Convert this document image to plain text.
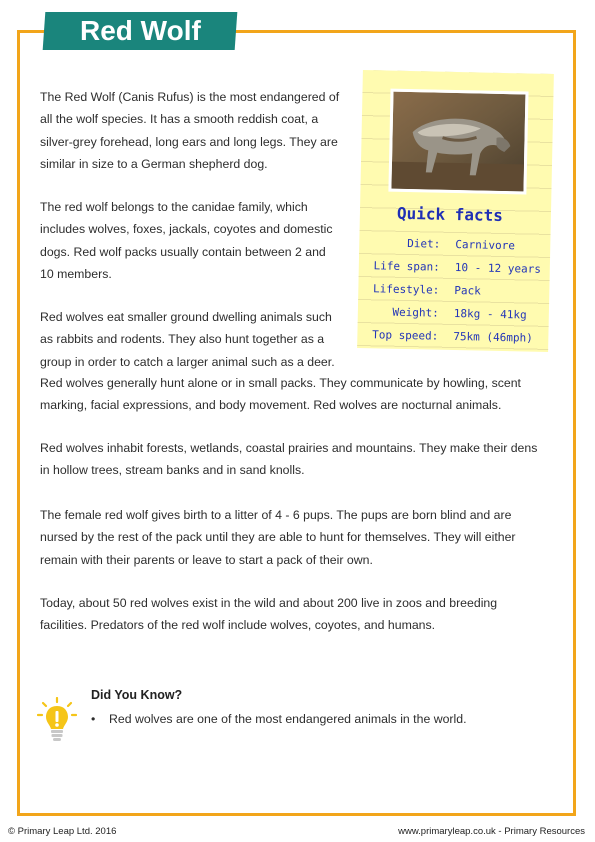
Red Wolf

The Red Wolf (Canis Rufus) is the most endangered of all the wolf species. It has a smooth reddish coat, a silver-grey forehead, long ears and long legs. They are similar in size to a German shepherd dog.

The red wolf belongs to the canidae family, which includes wolves, foxes, jackals, coyotes and domestic dogs. Red wolf packs usually contain between 2 and 10 members.

Red wolves eat smaller ground dwelling animals such as rabbits and rodents. They also hunt together as a group in order to catch a larger animal such as a deer.

Red wolves generally hunt alone or in small packs. They communicate by howling, scent marking, facial expressions, and body movement. Red wolves are nocturnal animals.

Red wolves inhabit forests, wetlands, coastal prairies and mountains. They make their dens in hollow trees, stream banks and in sand knolls.

The female red wolf gives birth to a litter of 4 - 6 pups. The pups are born blind and are nursed by the rest of the pack until they are able to hunt for themselves. They will either remain with their parents or leave to start a pack of their own.

Today, about 50 red wolves exist in the wild and about 200 live in zoos and breeding facilities. Predators of the red wolf include wolves, coyotes, and humans.

Quick facts
Diet: Carnivore
Life span: 10 - 12 years
Lifestyle: Pack
Weight: 18kg - 41kg
Top speed: 75km (46mph)
Did You Know?
• Red wolves are one of the most endangered animals in the world.
© Primary Leap Ltd. 2016	www.primaryleap.co.uk - Primary Resources
